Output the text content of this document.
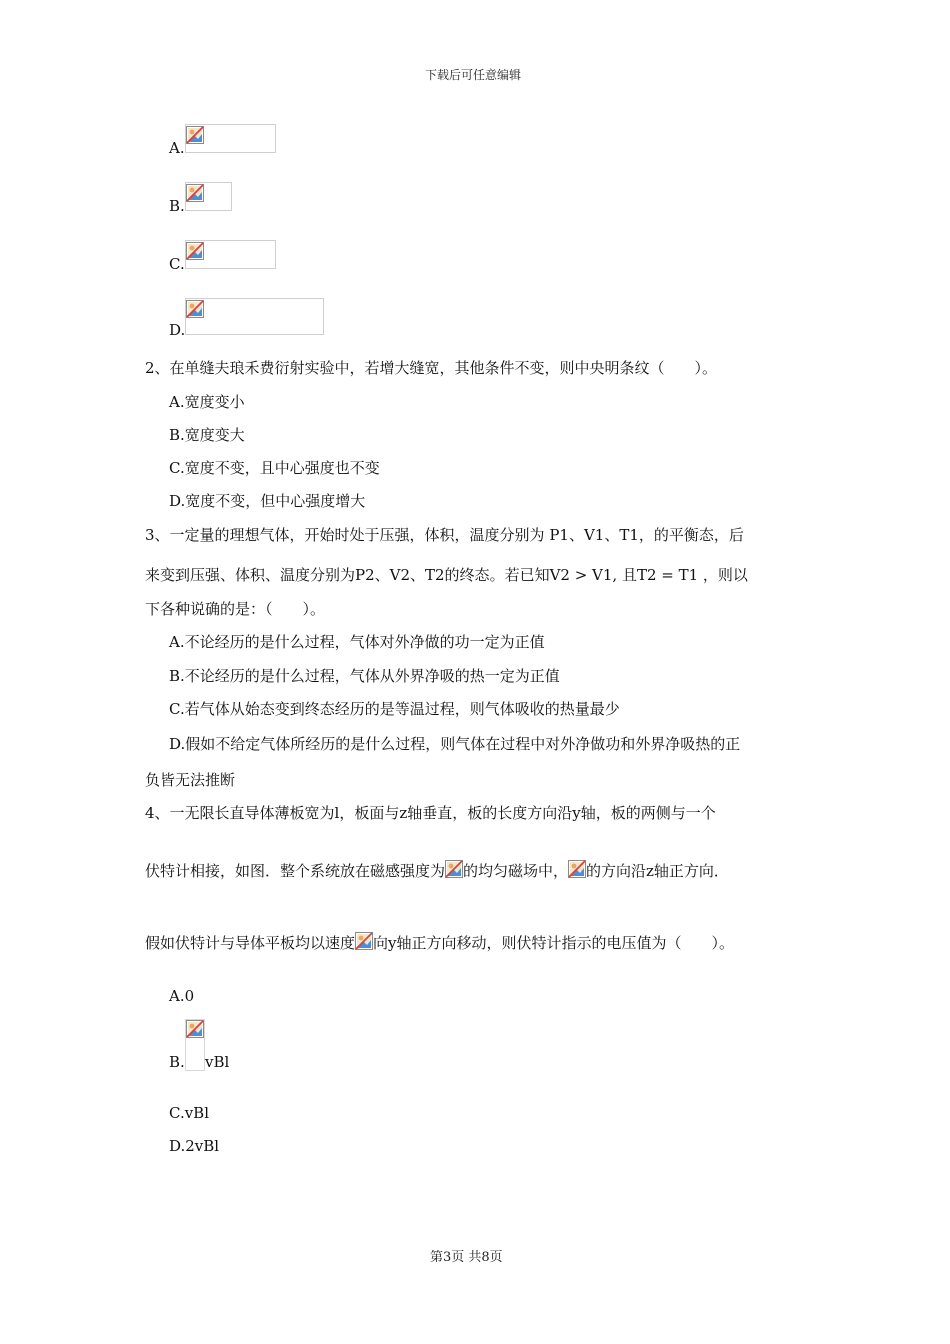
下载后可任意编辑
A.
B.
C.
D.
2、在单缝夫琅禾费衍射实验中，若增大缝宽，其他条件不变，则中央明条纹（　　）。
A.宽度变小
B.宽度变大
C.宽度不变，且中心强度也不变
D.宽度不变，但中心强度增大
3、一定量的理想气体，开始时处于压强，体积，温度分别为 P1、V1、T1，的平衡态，后
来变到压强、体积、温度分别为P2、V2、T2的终态。若已知V2 > V1, 且T2 = T1 ，则以
下各种说确的是：（　　）。
A.不论经历的是什么过程，气体对外净做的功一定为正值
B.不论经历的是什么过程，气体从外界净吸的热一定为正值
C.若气体从始态变到终态经历的是等温过程，则气体吸收的热量最少
D.假如不给定气体所经历的是什么过程，则气体在过程中对外净做功和外界净吸热的正
负皆无法推断
4、一无限长直导体薄板宽为l，板面与z轴垂直，板的长度方向沿y轴，板的两侧与一个
伏特计相接，如图．整个系统放在磁感强度为 的均匀磁场中， 的方向沿z轴正方向．
假如伏特计与导体平板均以速度 向y轴正方向移动，则伏特计指示的电压值为（　　）。
A.0
B. vBl
C.vBl
D.2vBl
第3页 共8页
